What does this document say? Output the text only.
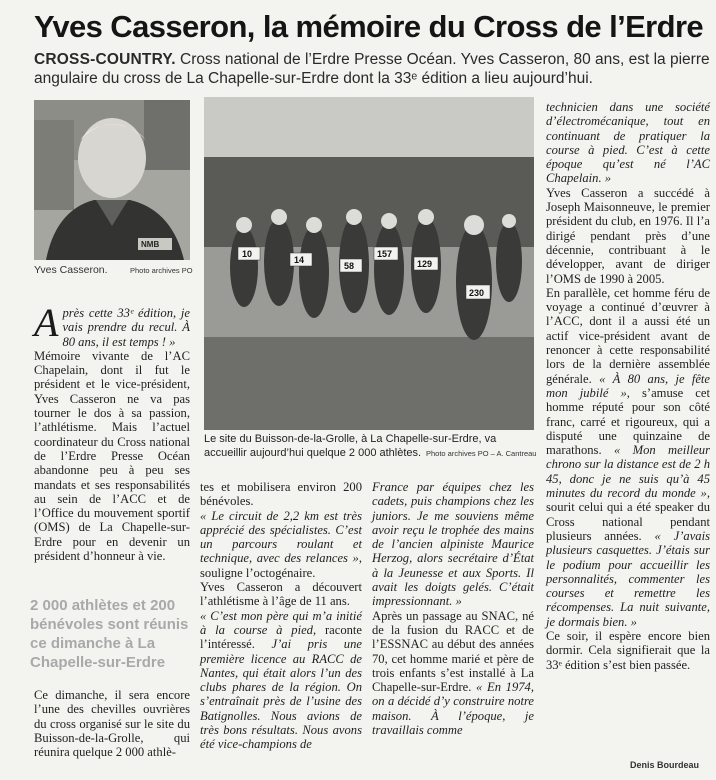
Yves Casseron, la mémoire du Cross de l’Erdre
CROSS-COUNTRY. Cross national de l’Erdre Presse Océan. Yves Casseron, 80 ans, est la pierre angulaire du cross de La Chapelle-sur-Erdre dont la 33ᵉ édition a lieu aujourd’hui.
NMB
Yves Casseron.	Photo archives PO
10
14
58
157
129
230
Le site du Buisson-de-la-Grolle, à La Chapelle-sur-Erdre, va accueillir aujourd’hui quelque 2 000 athlètes. Photo archives PO – A. Cantreau

Après cette 33ᵉ édition, je vais prendre du recul. À 80 ans, il est temps ! »

Mémoire vivante de l’AC Chapelain, dont il fut le président et le vice-président, Yves Casseron ne va pas tourner le dos à sa passion, l’athlétisme. Mais l’actuel coordinateur du Cross national de l’Erdre Presse Océan abandonne peu à peu ses mandats et ses responsabilités au sein de l’ACC et de l’Office du mouvement sportif (OMS) de La Chapelle-sur-Erdre pour en devenir un président d’honneur à vie.

2 000 athlètes et 200 bénévoles sont réunis ce dimanche à La Chapelle-sur-Erdre

Ce dimanche, il sera encore l’une des chevilles ouvrières du cross organisé sur le site du Buisson-de-la-Grolle, qui réunira quelque 2 000 athlè-

tes et mobilisera environ 200 bénévoles.

« Le circuit de 2,2 km est très apprécié des spécialistes. C’est un parcours roulant et technique, avec des relances », souligne l’octogénaire.

Yves Casseron a découvert l’athlétisme à l’âge de 11 ans.

« C’est mon père qui m’a initié à la course à pied, raconte l’intéressé. J’ai pris une première licence au RACC de Nantes, qui était alors l’un des clubs phares de la région. On s’entraînait près de l’usine des Batignolles. Nous avions de très bons résultats. Nous avons été vice-champions de

France par équipes chez les cadets, puis champions chez les juniors. Je me souviens même avoir reçu le trophée des mains de l’ancien alpiniste Maurice Herzog, alors secrétaire d’État à la Jeunesse et aux Sports. Il avait les doigts gelés. C’était impressionnant. »

Après un passage au SNAC, né de la fusion du RACC et de l’ESSNAC au début des années 70, cet homme marié et père de trois enfants s’est installé à La Chapelle-sur-Erdre. « En 1974, on a décidé d’y construire notre maison. À l’époque, je travaillais comme

technicien dans une société d’électromécanique, tout en continuant de pratiquer la course à pied. C’est à cette époque qu’est né l’AC Chapelain. »

Yves Casseron a succédé à Joseph Maisonneuve, le premier président du club, en 1976. Il l’a dirigé pendant près d’une décennie, contribuant à le développer, avant de diriger l’OMS de 1990 à 2005.

En parallèle, cet homme féru de voyage a continué d’œuvrer à l’ACC, dont il a aussi été un actif vice-président avant de renoncer à cette responsabilité lors de la dernière assemblée générale. « À 80 ans, je fête mon jubilé », s’amuse cet homme réputé pour son côté franc, carré et rigoureux, qui a disputé une quinzaine de marathons. « Mon meilleur chrono sur la distance est de 2 h 45, donc je ne suis qu’à 45 minutes du record du monde », sourit celui qui a été speaker du Cross national pendant plusieurs années. « J’avais plusieurs casquettes. J’étais sur le podium pour accueillir les personnalités, commenter les courses et remettre les récompenses. La nuit suivante, je dormais bien. »

Ce soir, il espère encore bien dormir. Cela signifierait que la 33ᵉ édition s’est bien passée.

Denis Bourdeau
